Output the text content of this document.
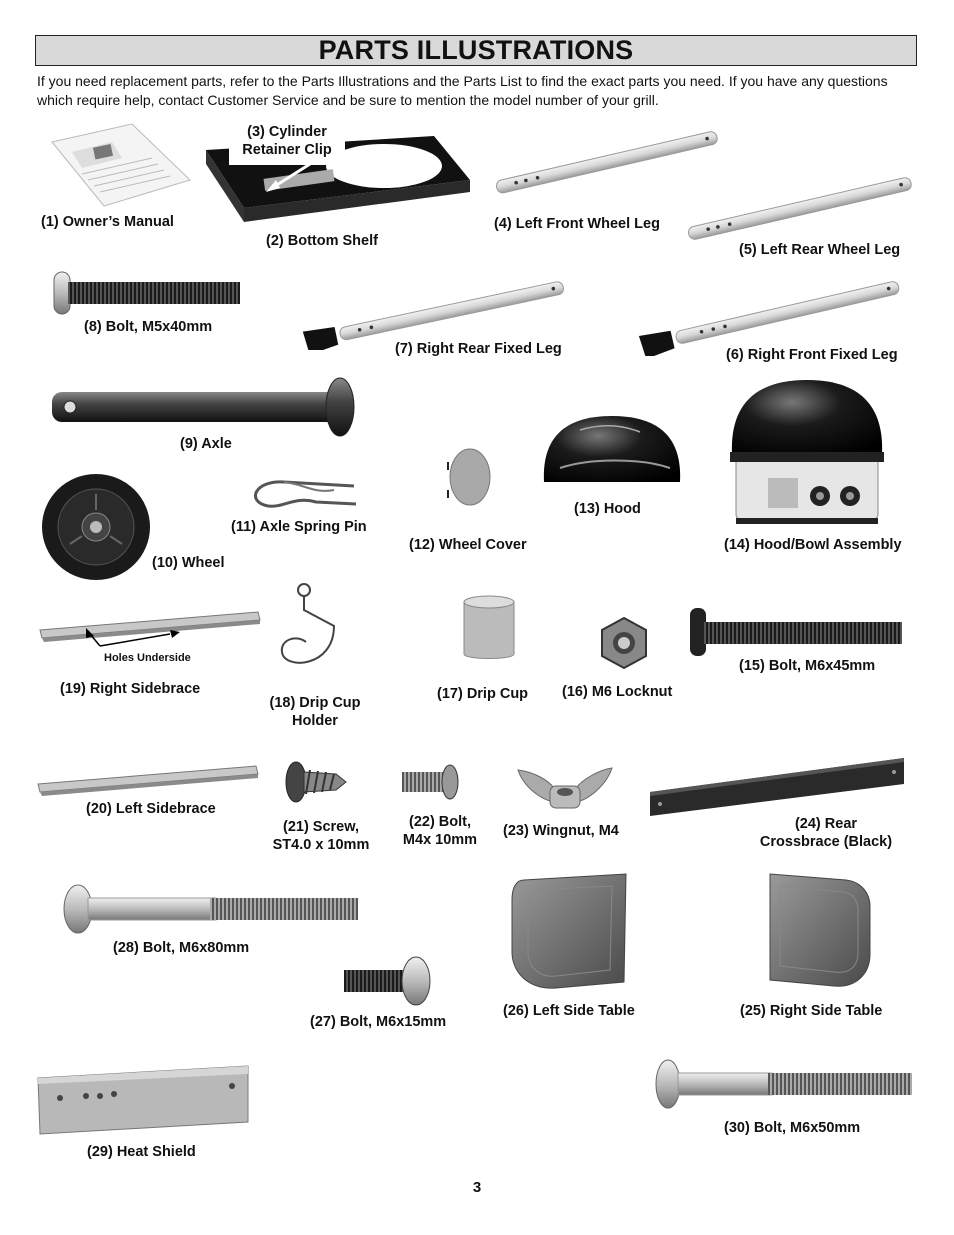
PARTS ILLUSTRATIONS

If you need replacement parts, refer to the Parts Illustrations and the Parts List to find the exact parts you need. If you have any questions which require help, contact Customer Service and be sure to mention the model number of your grill.

(1) Owner’s Manual
(3) Cylinder
Retainer Clip
(2) Bottom Shelf
(4) Left Front Wheel Leg
(5) Left Rear Wheel Leg
(8) Bolt, M5x40mm
(7) Right Rear Fixed Leg	(6) Right Front Fixed Leg
(9) Axle
(10) Wheel
(11) Axle Spring Pin
(12) Wheel Cover
(13) Hood
(14) Hood/Bowl Assembly
Holes Underside
(19) Right Sidebrace
(18) Drip Cup
Holder
(17) Drip Cup (16) M6 Locknut
(15) Bolt, M6x45mm
(20) Left Sidebrace
(21) Screw,
ST4.0 x 10mm
(22) Bolt,
M4x 10mm
(23) Wingnut, M4	(24) Rear
Crossbrace (Black)
(28) Bolt, M6x80mm
(27) Bolt, M6x15mm
(26) Left Side Table	(25) Right Side Table
(29) Heat Shield
(30) Bolt, M6x50mm
3
